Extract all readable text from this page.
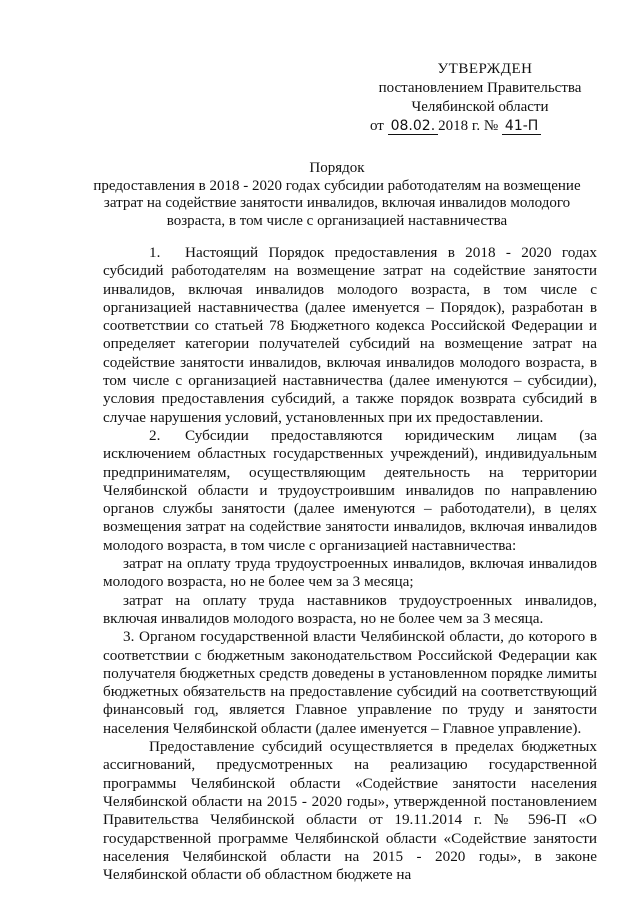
УТВЕРЖДЕН
постановлением Правительства
Челябинской области
от 08.02. 2018 г. № 41-П
Порядок
предоставления в 2018 - 2020 годах субсидии работодателям на возмещение затрат на содействие занятости инвалидов, включая инвалидов молодого возраста, в том числе с организацией наставничества

1. Настоящий Порядок предоставления в 2018 - 2020 годах субсидий работодателям на возмещение затрат на содействие занятости инвалидов, включая инвалидов молодого возраста, в том числе с организацией наставничества (далее именуется – Порядок), разработан в соответствии со статьей 78 Бюджетного кодекса Российской Федерации и определяет категории получателей субсидий на возмещение затрат на содействие занятости инвалидов, включая инвалидов молодого возраста, в том числе с организацией наставничества (далее именуются – субсидии), условия предоставления субсидий, а также порядок возврата субсидий в случае нарушения условий, установленных при их предоставлении.

2. Субсидии предоставляются юридическим лицам (за исключением областных государственных учреждений), индивидуальным предпринимателям, осуществляющим деятельность на территории Челябинской области и трудоустроившим инвалидов по направлению органов службы занятости (далее именуются – работодатели), в целях возмещения затрат на содействие занятости инвалидов, включая инвалидов молодого возраста, в том числе с организацией наставничества:

затрат на оплату труда трудоустроенных инвалидов, включая инвалидов молодого возраста, но не более чем за 3 месяца;

затрат на оплату труда наставников трудоустроенных инвалидов, включая инвалидов молодого возраста, но не более чем за 3 месяца.

3. Органом государственной власти Челябинской области, до которого в соответствии с бюджетным законодательством Российской Федерации как получателя бюджетных средств доведены в установленном порядке лимиты бюджетных обязательств на предоставление субсидий на соответствующий финансовый год, является Главное управление по труду и занятости населения Челябинской области (далее именуется – Главное управление).

Предоставление субсидий осуществляется в пределах бюджетных ассигнований, предусмотренных на реализацию государственной программы Челябинской области «Содействие занятости населения Челябинской области на 2015 - 2020 годы», утвержденной постановлением Правительства Челябинской области от 19.11.2014 г. № 596-П «О государственной программе Челябинской области «Содействие занятости населения Челябинской области на 2015 - 2020 годы», в законе Челябинской области об областном бюджете на
